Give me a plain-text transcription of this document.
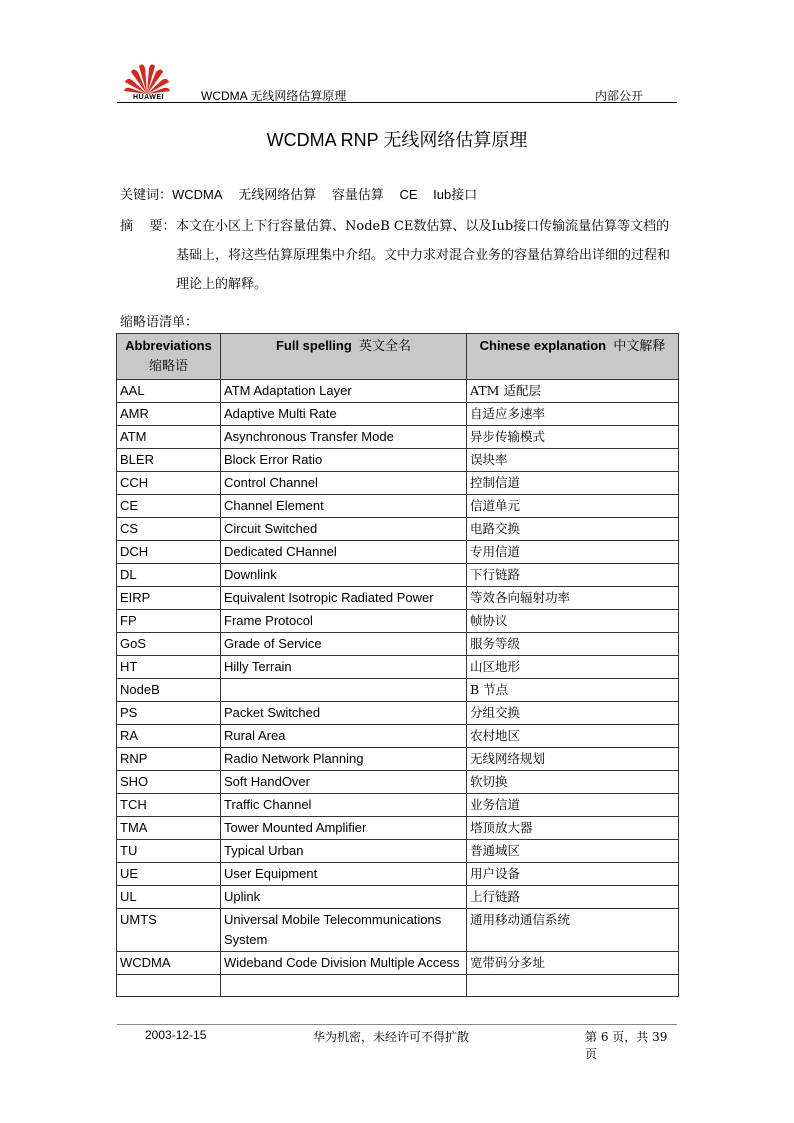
HUAWEI	WCDMA 无线网络估算原理	内部公开
WCDMA RNP 无线网络估算原理
关键词：WCDMA 无线网络估算 容量估算 CE Iub接口
摘    要： 本文在小区上下行容量估算、NodeB CE数估算、以及Iub接口传输流量估算等文档的基础上，将这些估算原理集中介绍。文中力求对混合业务的容量估算给出详细的过程和理论上的解释。
缩略语清单：
Abbreviations
缩略语	Full spelling 英文全名	Chinese explanation 中文解释
AAL	ATM Adaptation Layer	ATM 适配层
AMR	Adaptive Multi Rate	自适应多速率
ATM	Asynchronous Transfer Mode	异步传输模式
BLER	Block Error Ratio	误块率
CCH	Control Channel	控制信道
CE	Channel Element	信道单元
CS	Circuit Switched	电路交换
DCH	Dedicated CHannel	专用信道
DL	Downlink	下行链路
EIRP	Equivalent Isotropic Radiated Power	等效各向辐射功率
FP	Frame Protocol	帧协议
GoS	Grade of Service	服务等级
HT	Hilly Terrain	山区地形
NodeB		B 节点
PS	Packet Switched	分组交换
RA	Rural Area	农村地区
RNP	Radio Network Planning	无线网络规划
SHO	Soft HandOver	软切换
TCH	Traffic Channel	业务信道
TMA	Tower Mounted Amplifier	塔顶放大器
TU	Typical Urban	普通城区
UE	User Equipment	用户设备
UL	Uplink	上行链路
UMTS	Universal Mobile Telecommunications System	通用移动通信系统
WCDMA	Wideband Code Division Multiple Access	宽带码分多址

2003-12-15	华为机密，未经许可不得扩散	第 6 页，共 39 页
